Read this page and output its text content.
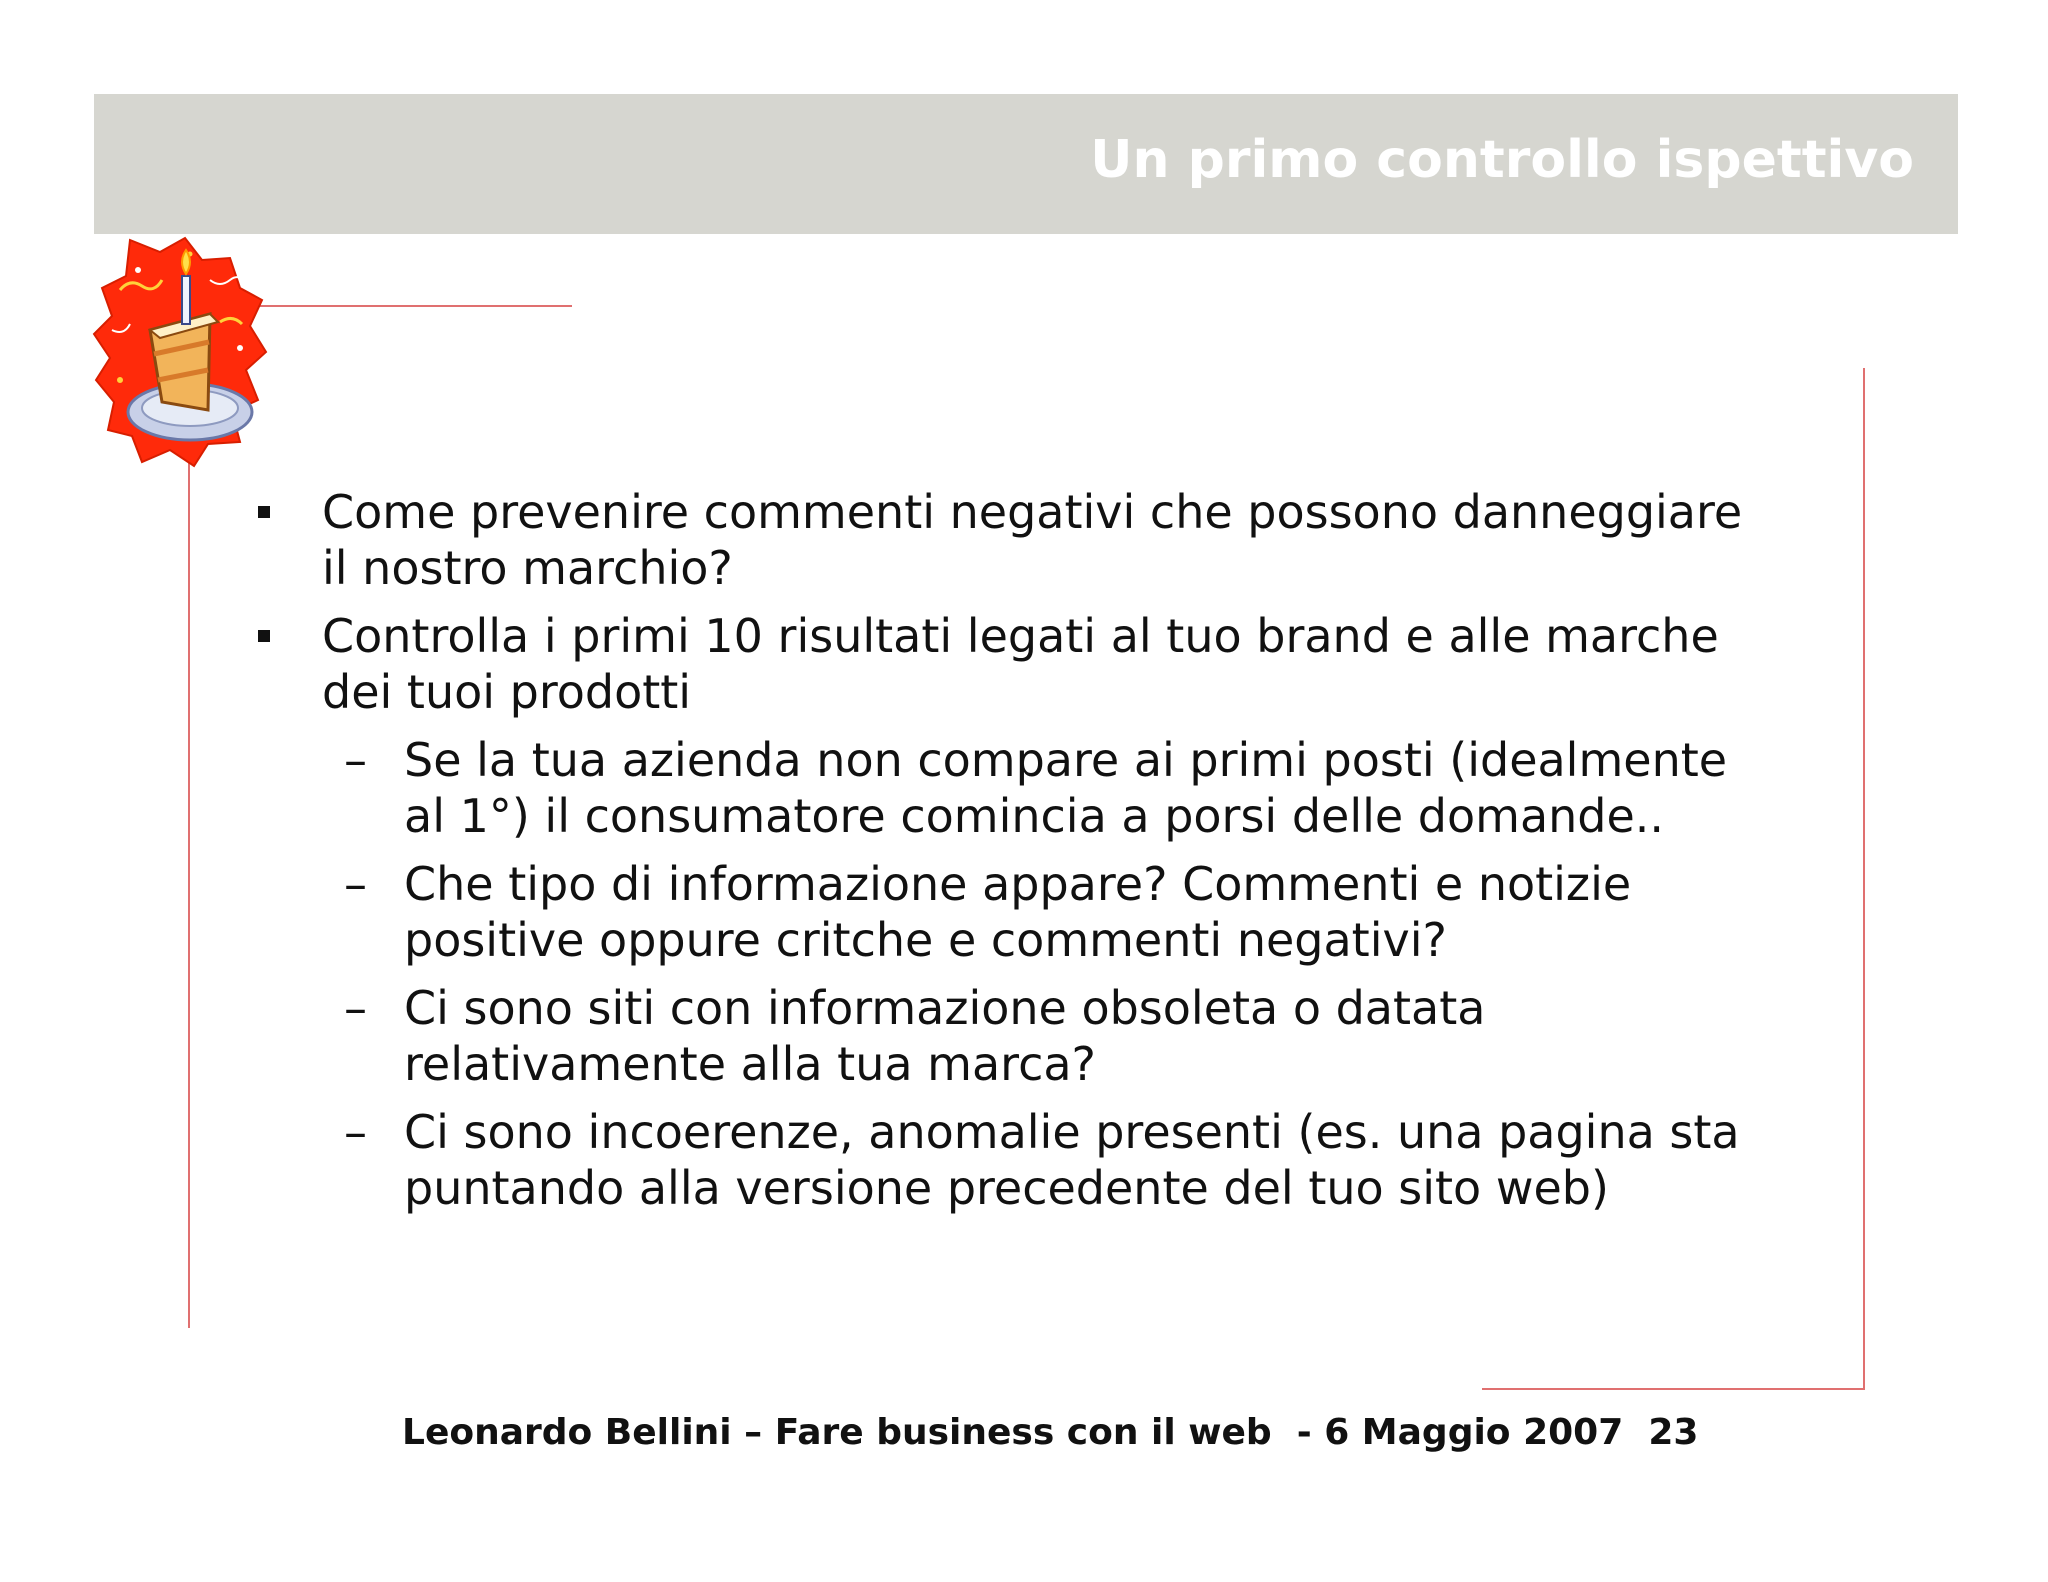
Un primo controllo ispettivo
Come prevenire commenti negativi che possono danneggiare
il nostro marchio?
Controlla i primi 10 risultati legati al tuo brand e alle marche
dei tuoi prodotti
– Se la tua azienda non compare ai primi posti (idealmente
al 1°) il consumatore comincia a porsi delle domande..
– Che tipo di informazione appare? Commenti e notizie
positive oppure critche e commenti negativi?
– Ci sono siti con informazione obsoleta o datata
relativamente alla tua marca?
– Ci sono incoerenze, anomalie presenti (es. una pagina sta
puntando alla versione precedente del tuo sito web)
Leonardo Bellini – Fare business con il web  - 6 Maggio 2007  23
